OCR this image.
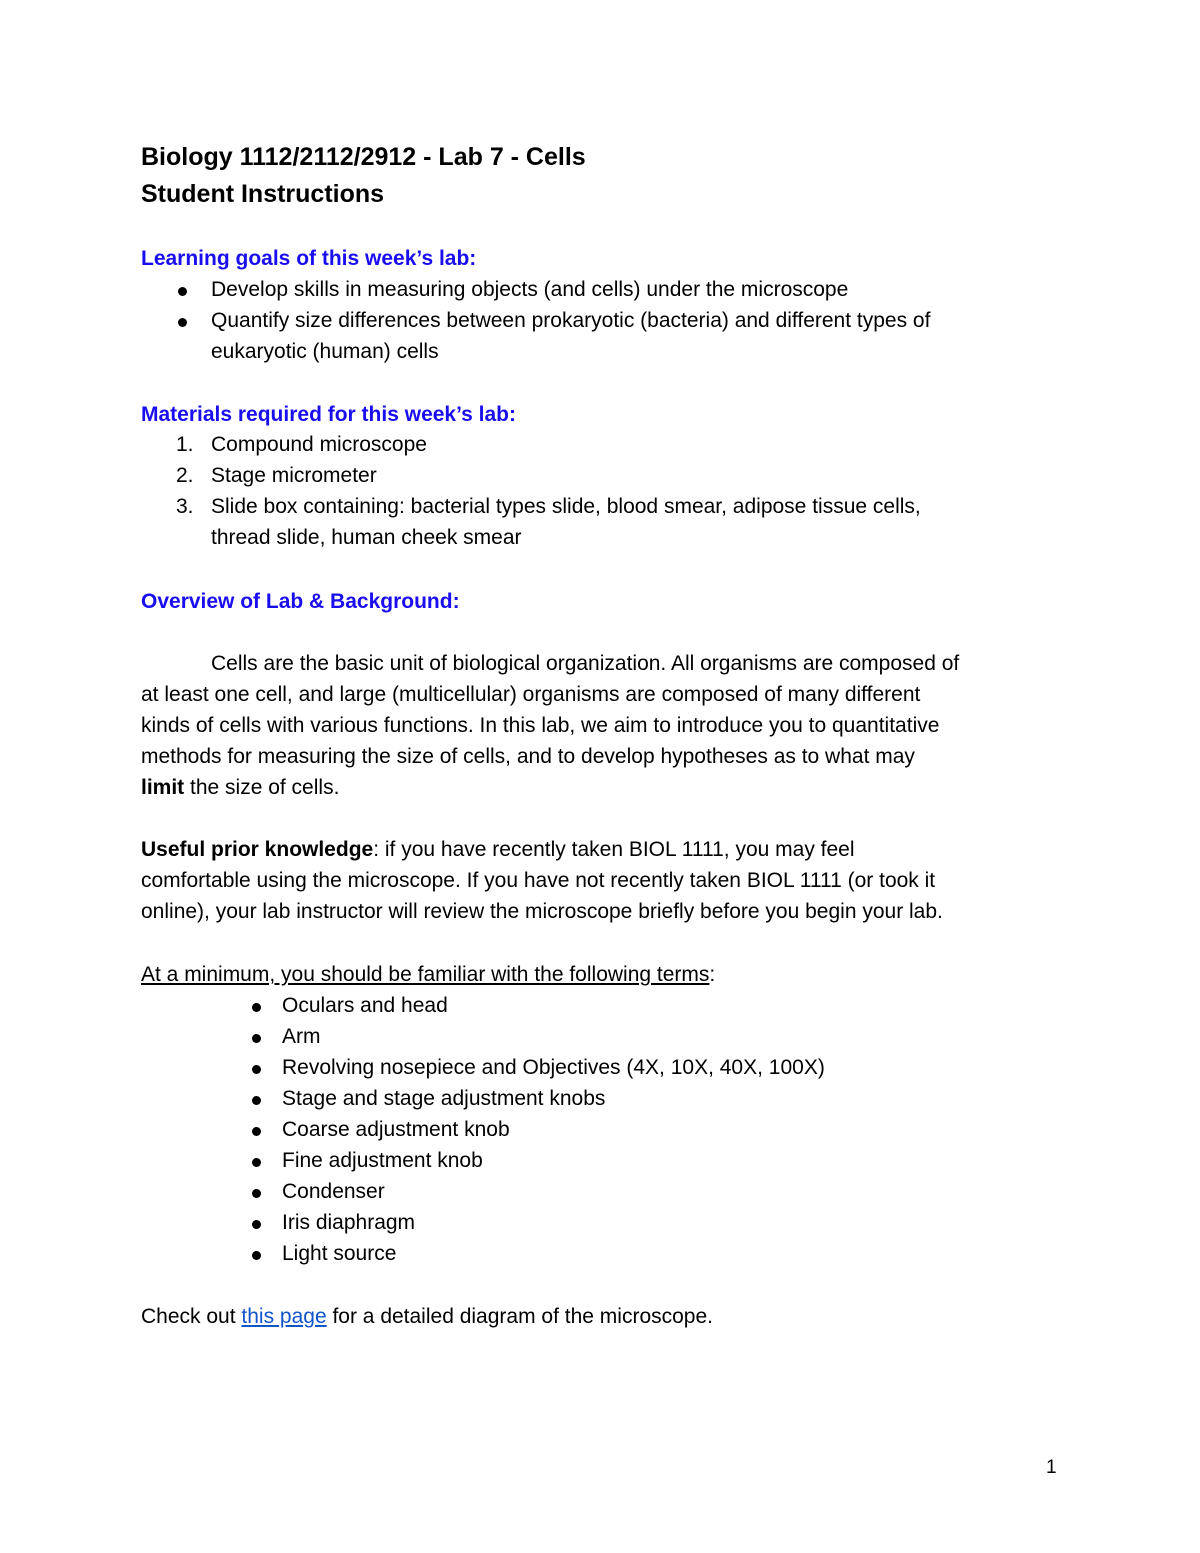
Biology 1112/2112/2912 - Lab 7 - Cells
Student Instructions
Learning goals of this week’s lab:
Develop skills in measuring objects (and cells) under the microscope
Quantify size differences between prokaryotic (bacteria) and different types of
eukaryotic (human) cells
Materials required for this week’s lab:
1. Compound microscope
2. Stage micrometer
3. Slide box containing: bacterial types slide, blood smear, adipose tissue cells,
thread slide, human cheek smear
Overview of Lab & Background:
Cells are the basic unit of biological organization. All organisms are composed of
at least one cell, and large (multicellular) organisms are composed of many different
kinds of cells with various functions. In this lab, we aim to introduce you to quantitative
methods for measuring the size of cells, and to develop hypotheses as to what may
limit the size of cells.
Useful prior knowledge: if you have recently taken BIOL 1111, you may feel
comfortable using the microscope. If you have not recently taken BIOL 1111 (or took it
online), your lab instructor will review the microscope briefly before you begin your lab.
At a minimum, you should be familiar with the following terms:
Oculars and head
Arm
Revolving nosepiece and Objectives (4X, 10X, 40X, 100X)
Stage and stage adjustment knobs
Coarse adjustment knob
Fine adjustment knob
Condenser
Iris diaphragm
Light source
Check out this page for a detailed diagram of the microscope.
1
